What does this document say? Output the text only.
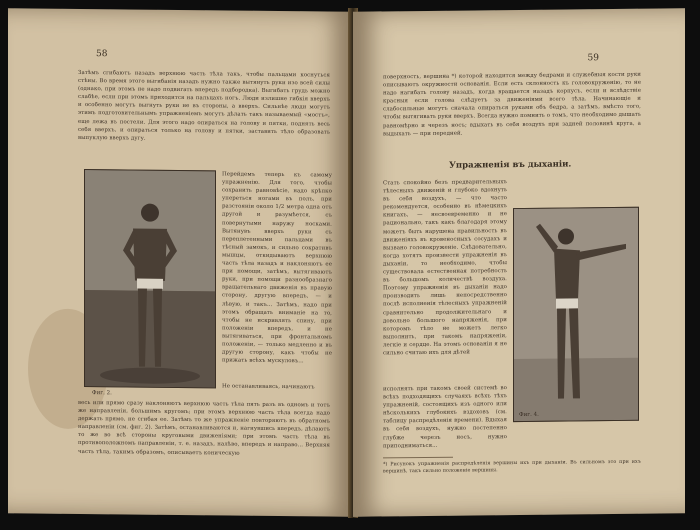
58

Затѣмъ сгибаютъ назадъ верхнюю часть тѣла такъ, чтобы пальцами коснуться стѣны. Во время этого выгибанія назадъ нужно также вытянуть руки изо всей силы (однако, при этомъ не надо подвигать впередъ подбородка). Выгибать грудь можно слабѣе, если при этомъ приходится на пальцахъ ногъ. Люди излишне гибкія вверхъ и особенно могутъ выгнуть руки не въ стороны, а вверхъ. Сильнѣе люди могутъ этимъ подготовительнымъ упражненіемъ могутъ дѣлать такъ называемый «мостъ», еще лежа въ постели. Для этого надо опираться на голову и пятки, поднять весь себя вверхъ, и опираться только на голову и пятки, заставить тѣло образовать выпуклую вверхъ дугу.

Фиг. 2.

Перейдемъ теперь къ самому упражненію. Для того, чтобы сохранить равновѣсіе, надо крѣпко упереться ногами въ полъ, при разстояніи около 1/2 метра одна отъ другой и разумѣется, съ повернутыми наружу носками. Вытянувъ вверхъ руки съ переплетенными пальцами въ тѣсный замокъ, и сильно сокративъ мышцы, откидываютъ верхнюю часть тѣла назадъ и наклоняютъ ее при помощи, затѣмъ, вытягиваютъ руки, при помощи разнообразнаго вращательнаго движенія въ правую сторону, другую впередъ, — и лѣвую, и такъ... Затѣмъ, надо при этомъ обращать вниманіе на то, чтобы не искривлять спину, при положеніи впередъ, и не вытягиваться, при фронтальномъ положеніи, — только медленно и въ другую сторону, какъ чтобы не прижать всѣхъ мускуловъ...

Не останавливаясь, начинаютъ

весь или прямо сразу наклоняютъ верхнюю часть тѣла пять разъ въ одномъ и тотъ же направленіи, большимъ кругомъ; при этомъ верхнюю часть тѣла всегда надо держать прямо, не сгибая ее. Затѣмъ то же упражненіе повторяютъ въ обратномъ направленіи (см. фиг. 2). Затѣмъ, останавливаются и, нагнувшись впередъ, дѣлаютъ то же во всѣ стороны круговыми движеніями; при этомъ часть тѣла въ противоположномъ направленіи, т. е. назадъ, налѣво, впередъ и направо... Верхняя часть тѣла, такимъ образомъ, описываетъ коническую

59

поверхность, вершина *) которой находится между бедрами и служебныя кости руки описываютъ окружности основанія. Если есть склонность къ головокруженію, то не надо нагибать голову назадъ, когда вращается назадъ корпусъ, если и вслѣдствіе красныя если голова слѣдуетъ за движеніями всего тѣла. Начинающіе и слабосильные могутъ сначала опираться руками объ бедра, а затѣмъ, вмѣсто того, чтобы вытягивать руки вверхъ. Всегда нужно помнить о томъ, что необходимо дышать равномѣрно и черезъ носъ; вдыхать въ себя воздухъ при задней половинѣ круга, а выдыхать — при передней.

Упражненія въ дыханіи.

Стать спокойно безъ предварительныхъ тѣлесныхъ движеній и глубоко вдохнуть въ себя воздухъ, — что часто рекомендуется, особенно въ нѣмецкихъ книгахъ, — несвоевременно и не рационально, такъ какъ благодаря этому можетъ быть нарушена правильность въ движеніяхъ въ кровеносныхъ сосудахъ и вызвано головокруженіе. Слѣдовательно, когда хотятъ произвести упражненія въ дыханіи, то необходимо, чтобы существовала естественная потребность въ большомъ количествѣ воздуха. Поэтому упражненія въ дыханіи надо производить лишь непосредственно послѣ исполненія тѣлесныхъ упражненій сравнительно продолжительнаго и довольно большого напряженія, при которомъ тѣло не можетъ легко выполнить, при такомъ напряженіи, легкіе и сердце. На этомъ основаніи я не сильно считаю ихъ для дѣтей

Фиг. 4.

исполнять при такомъ своей системѣ во всѣхъ подходящихъ случаяхъ всѣхъ тѣхъ упражненій, состоящихъ изъ одного или нѣсколькихъ глубокихъ вздоховъ (см. таблицу распредѣленія времени). Вдыхая въ себя воздухъ, нужно постепенно глубже черезъ носъ, нужно приподниматься...

*) Рисунокъ упражненія распредѣленія вершины ихъ при дыханіи. Въ сильномъ это при ихъ вершинѣ, такъ сильно положеніе вершины.
